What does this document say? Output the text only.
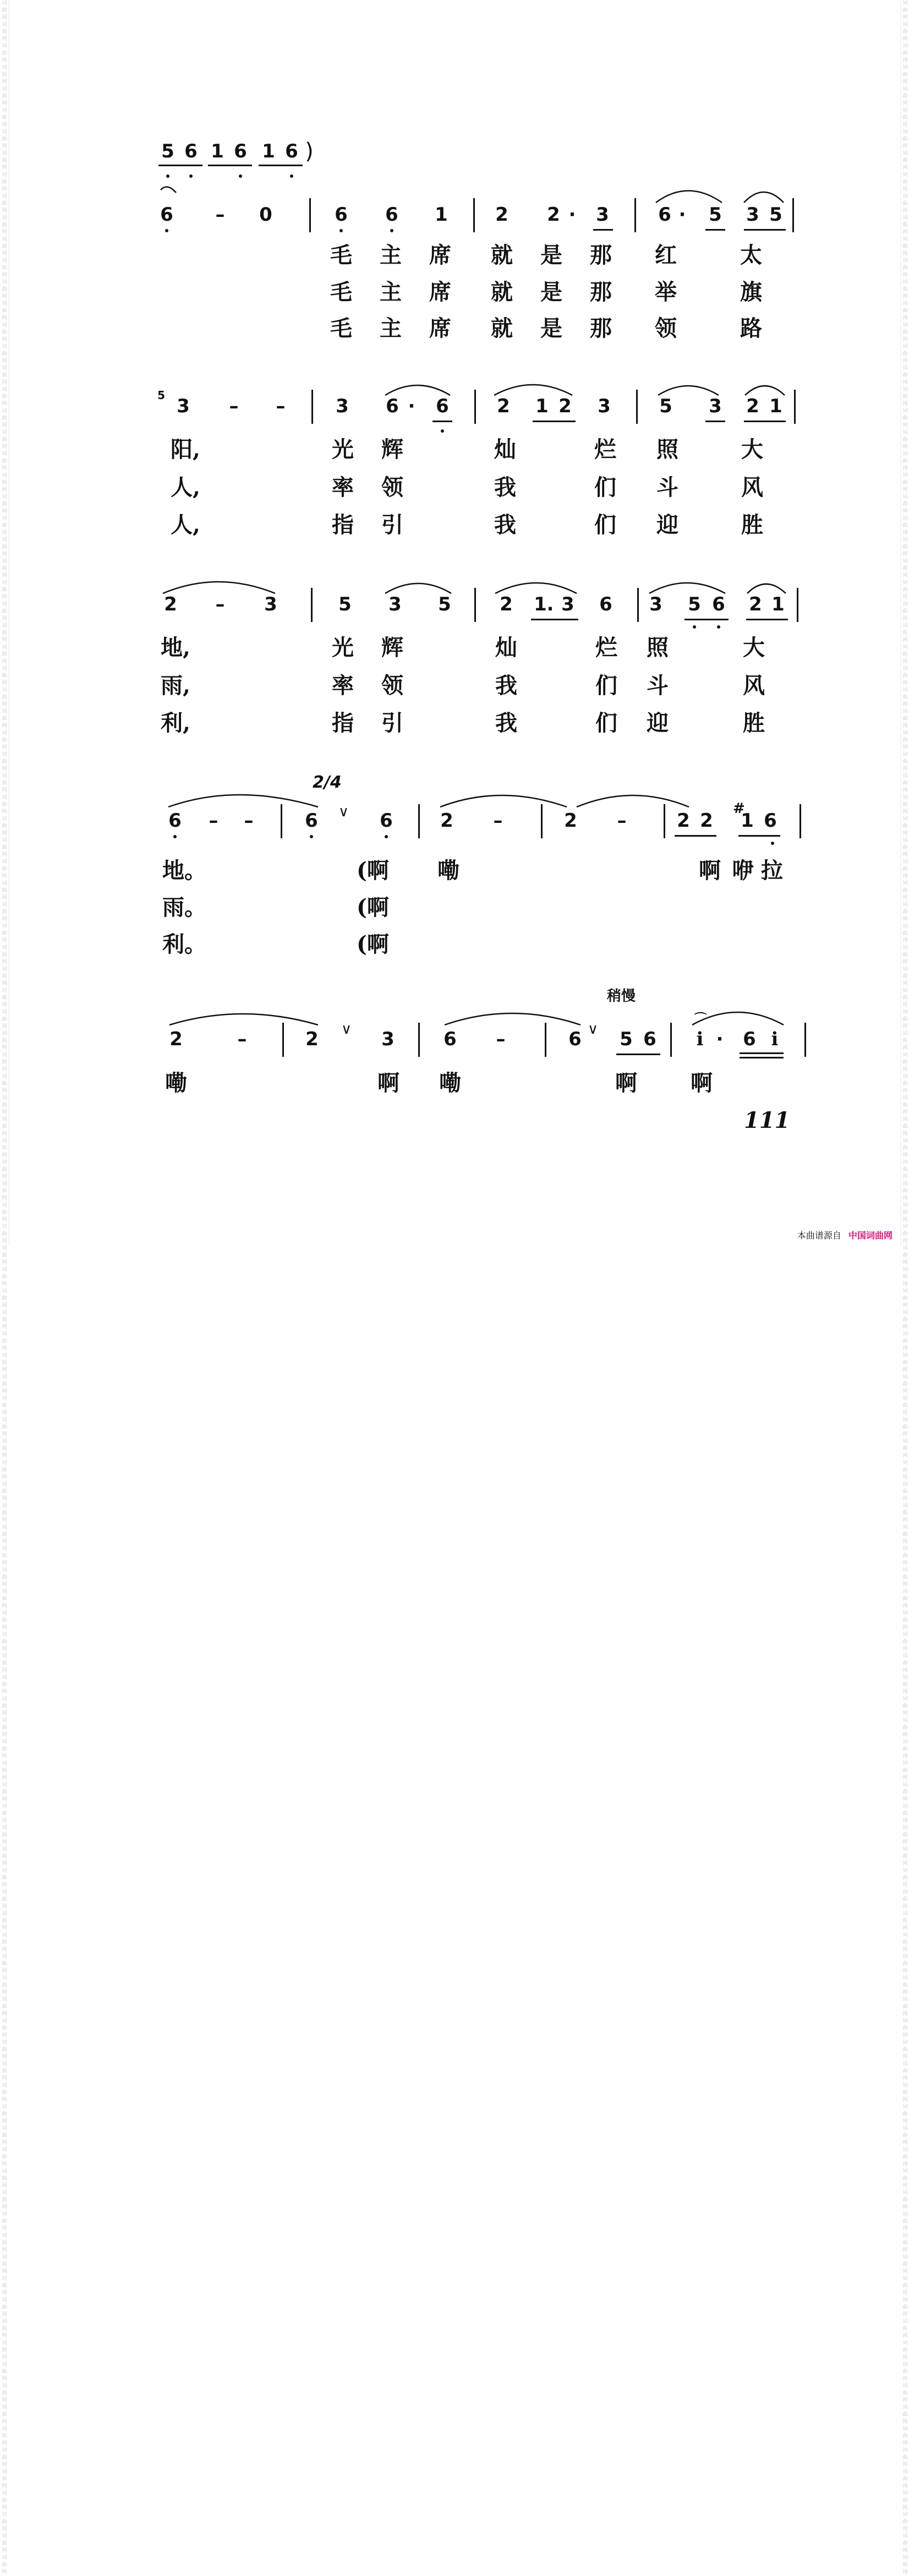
词曲网 词曲网 词曲网 词曲网 词曲网 词曲网 词曲网 词曲网 词曲网 词曲网 词曲网 词曲网 词曲网 词曲网 词曲网 词曲网 词曲网 词曲网 词曲网 词曲网 词曲网 词曲网 词曲网 词曲网 词曲网 词曲网 词曲网 词曲网 词曲网 词曲网 词曲网 词曲网 词曲网 词曲网 词曲网 词曲网 词曲网 词曲网 词曲网 词曲网 词曲网 词曲网 词曲网 词曲网 词曲网 词曲网 词曲网 词曲网 词曲网 词曲网 词曲网 词曲网 词曲网 词曲网 词曲网 词曲网 词曲网 词曲网 词曲网 词曲网 词曲网 词曲网 词曲网 词曲网 词曲网 词曲网 词曲网 词曲网 词曲网 词曲网 词曲网 词曲网 词曲网 词曲网 词曲网 词曲网 词曲网 词曲网 词曲网 词曲网 词曲网 词曲网 词曲网 词曲网 词曲网 词曲网 词曲网 词曲网 词曲网 词曲网 词曲网 词曲网 词曲网 词曲网 词曲网 词曲网 词曲网 词曲网 词曲网 词曲网 词曲网 词曲网 词曲网 词曲网 词曲网 词曲网 词曲网 词曲网 词曲网 词曲网 词曲网 词曲网 词曲网 词曲网 词曲网 词曲网 词曲网 词曲网 词曲网 词曲网
词曲网 词曲网 词曲网 词曲网 词曲网 词曲网 词曲网 词曲网 词曲网 词曲网 词曲网 词曲网 词曲网 词曲网 词曲网 词曲网 词曲网 词曲网 词曲网 词曲网 词曲网 词曲网 词曲网 词曲网 词曲网 词曲网 词曲网 词曲网 词曲网 词曲网 词曲网 词曲网 词曲网 词曲网 词曲网 词曲网 词曲网 词曲网 词曲网 词曲网 词曲网 词曲网 词曲网 词曲网 词曲网 词曲网 词曲网 词曲网 词曲网 词曲网 词曲网 词曲网 词曲网 词曲网 词曲网 词曲网 词曲网 词曲网 词曲网 词曲网 词曲网 词曲网 词曲网 词曲网 词曲网 词曲网 词曲网 词曲网 词曲网 词曲网 词曲网 词曲网 词曲网 词曲网 词曲网 词曲网 词曲网 词曲网 词曲网 词曲网 词曲网 词曲网 词曲网 词曲网 词曲网 词曲网 词曲网 词曲网 词曲网 词曲网 词曲网 词曲网 词曲网 词曲网 词曲网 词曲网 词曲网 词曲网 词曲网 词曲网 词曲网 词曲网 词曲网 词曲网 词曲网 词曲网 词曲网 词曲网 词曲网 词曲网 词曲网 词曲网 词曲网 词曲网 词曲网 词曲网 词曲网 词曲网 词曲网 词曲网
5 6 1 6 1 6 )
6 – 0	6 6 1	2 2 · 3	6 · 5 3 5
毛 主 席 就 是 那 红	太
毛 主 席 就 是 那 举	旗
毛 主 席 就 是 那 领	路
5 3 – –	3 6 · 6	2 1 2 3	5 3 2 1
阳,	光 辉	灿	烂 照	大
人,	率 领	我	们 斗	风
人,	指 引	我	们 迎	胜
2 – 3	5 3 5	2 1 . 3 6 3 5 6 2 1
地,	光 辉	灿	烂 照	大
雨,	率 领	我	们 斗	风
利,	指 引	我	们 迎	胜
2/4
6 – –	6 ∨ 6	2 –	2 –	2 2
#
1 6
地。	(啊 嘞	啊 咿 拉
雨。	(啊
利。	(啊
稍慢
2	–	2 ∨ 3	6 –	6 ∨ 5 6 i · 6 i
⌒
嘞	啊 嘞	啊 啊
111
本曲谱源自 中国词曲网
